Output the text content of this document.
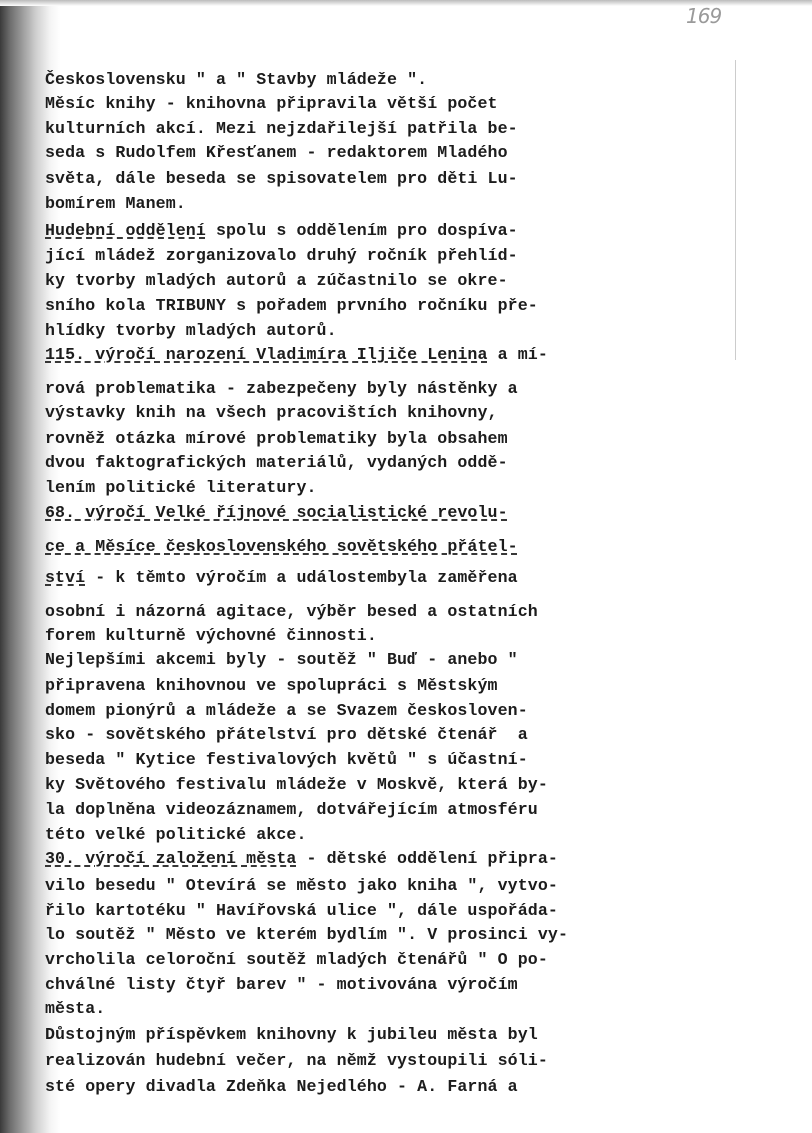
169
Československu " a " Stavby mládeže ".
Měsíc knihy - knihovna připravila větší počet
kulturních akcí. Mezi nejzdařilejší patřila be-
seda s Rudolfem Křesťanem - redaktorem Mladého
světa, dále beseda se spisovatelem pro děti Lu-
bomírem Manem.
Hudební oddělení spolu s oddělením pro dospíva-
jící mládež zorganizovalo druhý ročník přehlíd-
ky tvorby mladých autorů a zúčastnilo se okre-
sního kola TRIBUNY s pořadem prvního ročníku pře-
hlídky tvorby mladých autorů.
115. výročí narození Vladimíra Iljiče Lenina a mí-
rová problematika - zabezpečeny byly nástěnky a
výstavky knih na všech pracovištích knihovny,
rovněž otázka mírové problematiky byla obsahem
dvou faktografických materiálů, vydaných oddě-
lením politické literatury.
68. výročí Velké říjnové socialistické revolu-
ce a Měsíce československého sovětského přátel-
ství - k těmto výročím a událostembyla zaměřena
osobní i názorná agitace, výběr besed a ostatních
forem kulturně výchovné činnosti.
Nejlepšími akcemi byly - soutěž " Buď - anebo "
připravena knihovnou ve spolupráci s Městským
domem pionýrů a mládeže a se Svazem českosloven-
sko - sovětského přátelství pro dětské čtenář  a
beseda " Kytice festivalových květů " s účastní-
ky Světového festivalu mládeže v Moskvě, která by-
la doplněna videozáznamem, dotvářejícím atmosféru
této velké politické akce.
30. výročí založení města - dětské oddělení připra-
vilo besedu " Otevírá se město jako kniha ", vytvo-
řilo kartotéku " Havířovská ulice ", dále uspořáda-
lo soutěž " Město ve kterém bydlím ". V prosinci vy-
vrcholila celoroční soutěž mladých čtenářů " O po-
chválné listy čtyř barev " - motivována výročím
města.
Důstojným příspěvkem knihovny k jubileu města byl
realizován hudební večer, na němž vystoupili sóli-
sté opery divadla Zdeňka Nejedlého - A. Farná a
